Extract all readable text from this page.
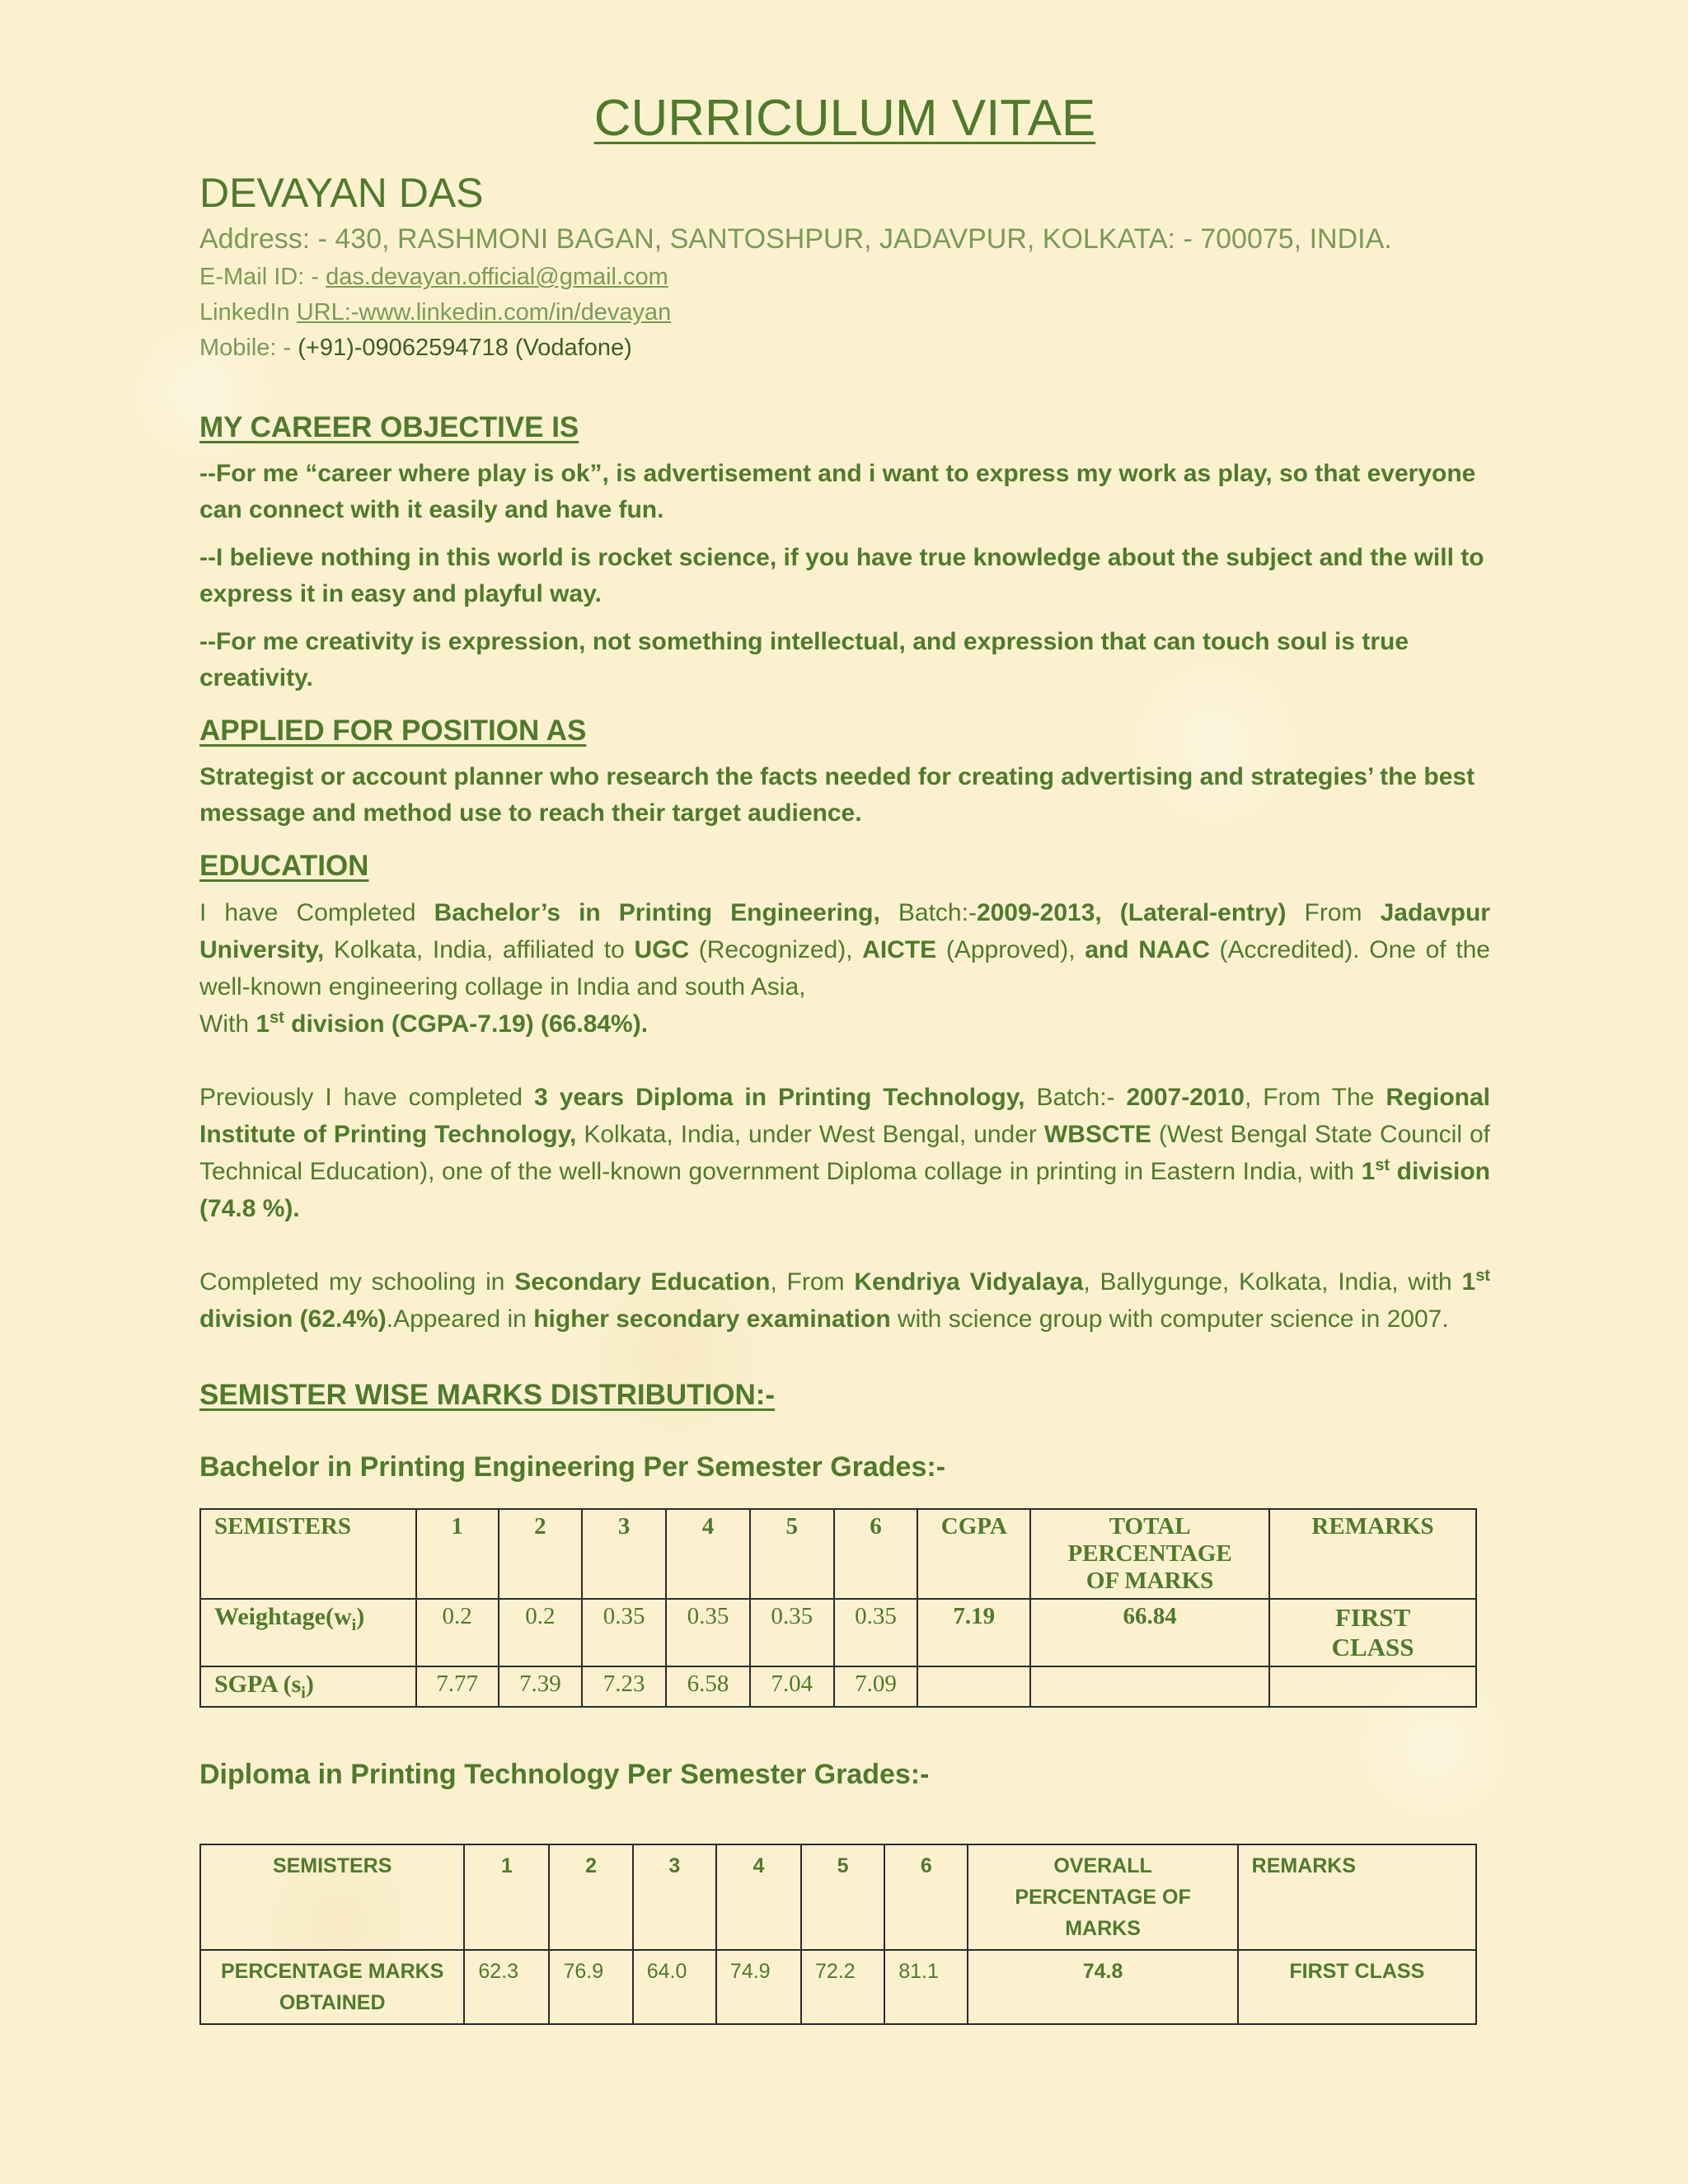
CURRICULUM VITAE
DEVAYAN DAS
Address: - 430, RASHMONI BAGAN, SANTOSHPUR, JADAVPUR, KOLKATA: - 700075, INDIA.
E-Mail ID: - das.devayan.official@gmail.com
LinkedIn URL:-www.linkedin.com/in/devayan
Mobile: - (+91)-09062594718 (Vodafone)
MY CAREER OBJECTIVE IS

--For me “career where play is ok”, is advertisement and i want to express my work as play, so that everyone can connect with it easily and have fun.

--I believe nothing in this world is rocket science, if you have true knowledge about the subject and the will to express it in easy and playful way.

--For me creativity is expression, not something intellectual, and expression that can touch soul is true creativity.

APPLIED FOR POSITION AS

Strategist or account planner who research the facts needed for creating advertising and strategies’ the best message and method use to reach their target audience.

EDUCATION

I have Completed Bachelor’s in Printing Engineering, Batch:-2009-2013, (Lateral-entry) From Jadavpur University, Kolkata, India, affiliated to UGC (Recognized), AICTE (Approved), and NAAC (Accredited). One of the well-known engineering collage in India and south Asia,
With 1st division (CGPA-7.19) (66.84%).

Previously I have completed 3 years Diploma in Printing Technology, Batch:- 2007-2010, From The Regional Institute of Printing Technology, Kolkata, India, under West Bengal, under WBSCTE (West Bengal State Council of Technical Education), one of the well-known government Diploma collage in printing in Eastern India, with 1st division (74.8 %).

Completed my schooling in Secondary Education, From Kendriya Vidyalaya, Ballygunge, Kolkata, India, with 1st division (62.4%).Appeared in higher secondary examination with science group with computer science in 2007.

SEMISTER WISE MARKS DISTRIBUTION:-
Bachelor in Printing Engineering Per Semester Grades:-
SEMISTERS	1	2	3	4	5	6	CGPA	TOTAL PERCENTAGE OF MARKS	REMARKS
$Weightage(w_i)$	0.2	0.2	0.35	0.35	0.35	0.35	7.19	66.84	FIRST CLASS
SGPA $(s_i)$	7.77	7.39	7.23	6.58	7.04	7.09			
Diploma in Printing Technology Per Semester Grades:-
SEMISTERS	1	2	3	4	5	6	OVERALL PERCENTAGE OF MARKS	REMARKS
PERCENTAGE MARKS OBTAINED	62.3	76.9	64.0	74.9	72.2	81.1	74.8	FIRST CLASS
